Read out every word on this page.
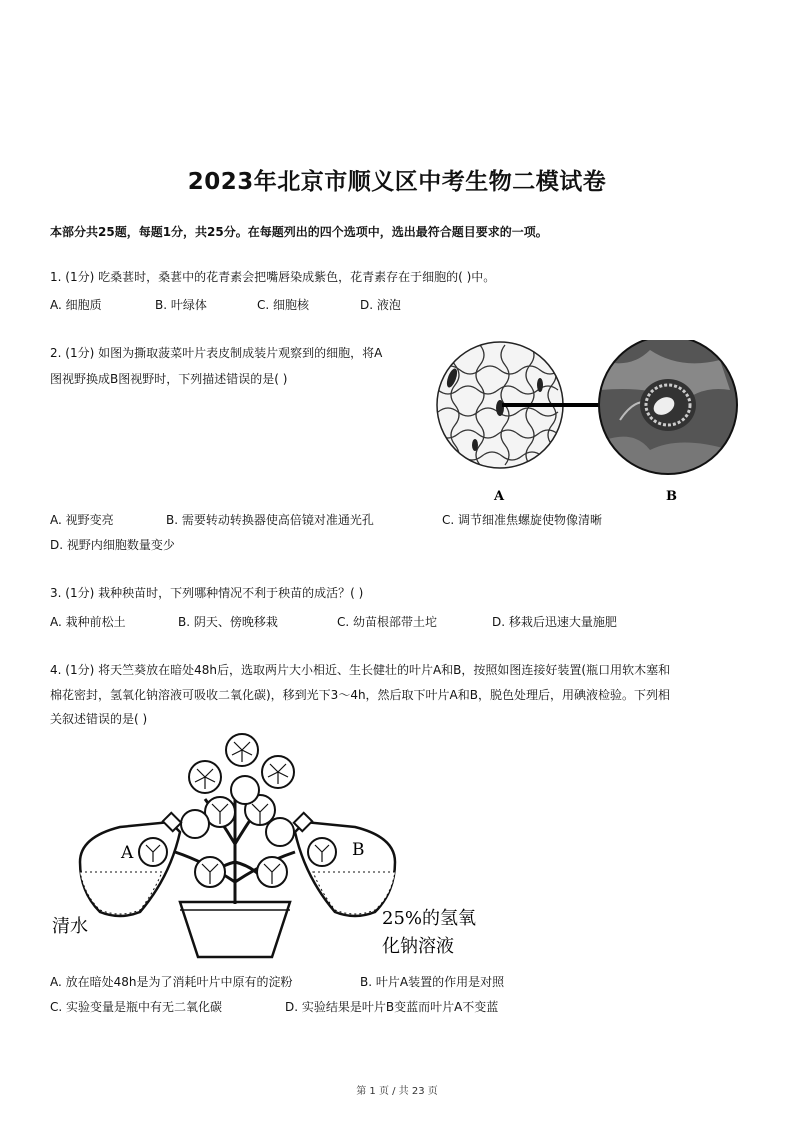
2023年北京市顺义区中考生物二模试卷
本部分共25题，每题1分，共25分。在每题列出的四个选项中，选出最符合题目要求的一项。
1. (1分) 吃桑葚时，桑葚中的花青素会把嘴唇染成紫色，花青素存在于细胞的( )中。
A. 细胞质	B. 叶绿体	C. 细胞核	D. 液泡
2. (1分) 如图为撕取菠菜叶片表皮制成装片观察到的细胞，将A
图视野换成B图视野时，下列描述错误的是( )
A	B
A. 视野变亮	B. 需要转动转换器使高倍镜对准通光孔	C. 调节细准焦螺旋使物像清晰
D. 视野内细胞数量变少
3. (1分) 栽种秧苗时，下列哪种情况不利于秧苗的成活？( )
A. 栽种前松土	B. 阴天、傍晚移栽	C. 幼苗根部带土坨	D. 移栽后迅速大量施肥
4. (1分) 将天竺葵放在暗处48h后，选取两片大小相近、生长健壮的叶片A和B，按照如图连接好装置(瓶口用软木塞和
棉花密封，氢氧化钠溶液可吸收二氧化碳)，移到光下3～4h，然后取下叶片A和B，脱色处理后，用碘液检验。下列相
关叙述错误的是( )
A	B
清水	25%的氢氧
化钠溶液
A. 放在暗处48h是为了消耗叶片中原有的淀粉	B. 叶片A装置的作用是对照
C. 实验变量是瓶中有无二氧化碳	D. 实验结果是叶片B变蓝而叶片A不变蓝
第 1 页 / 共 23 页
